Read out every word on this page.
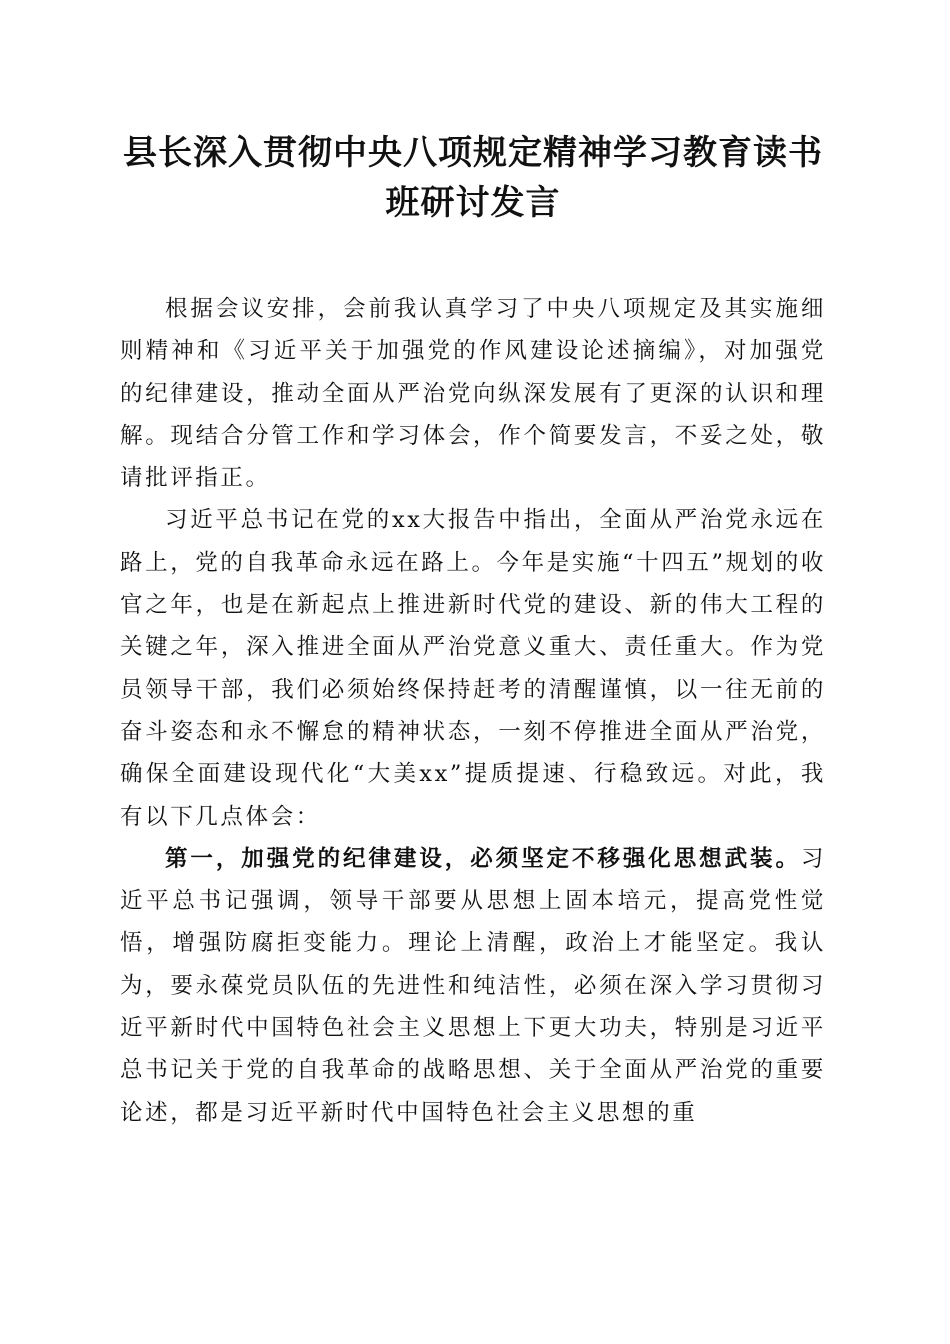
县长深入贯彻中央八项规定精神学习教育读书
班研讨发言

根据会议安排，会前我认真学习了中央八项规定及其实施细则精神和《习近平关于加强党的作风建设论述摘编》，对加强党的纪律建设，推动全面从严治党向纵深发展有了更深的认识和理解。现结合分管工作和学习体会，作个简要发言，不妥之处，敬请批评指正。

习近平总书记在党的xx大报告中指出，全面从严治党永远在路上，党的自我革命永远在路上。今年是实施“十四五”规划的收官之年，也是在新起点上推进新时代党的建设、新的伟大工程的关键之年，深入推进全面从严治党意义重大、责任重大。作为党员领导干部，我们必须始终保持赶考的清醒谨慎，以一往无前的奋斗姿态和永不懈怠的精神状态，一刻不停推进全面从严治党，确保全面建设现代化“大美xx”提质提速、行稳致远。对此，我有以下几点体会：

第一，加强党的纪律建设，必须坚定不移强化思想武装。习近平总书记强调，领导干部要从思想上固本培元，提高党性觉悟，增强防腐拒变能力。理论上清醒，政治上才能坚定。我认为，要永葆党员队伍的先进性和纯洁性，必须在深入学习贯彻习近平新时代中国特色社会主义思想上下更大功夫，特别是习近平总书记关于党的自我革命的战略思想、关于全面从严治党的重要论述，都是习近平新时代中国特色社会主义思想的重
